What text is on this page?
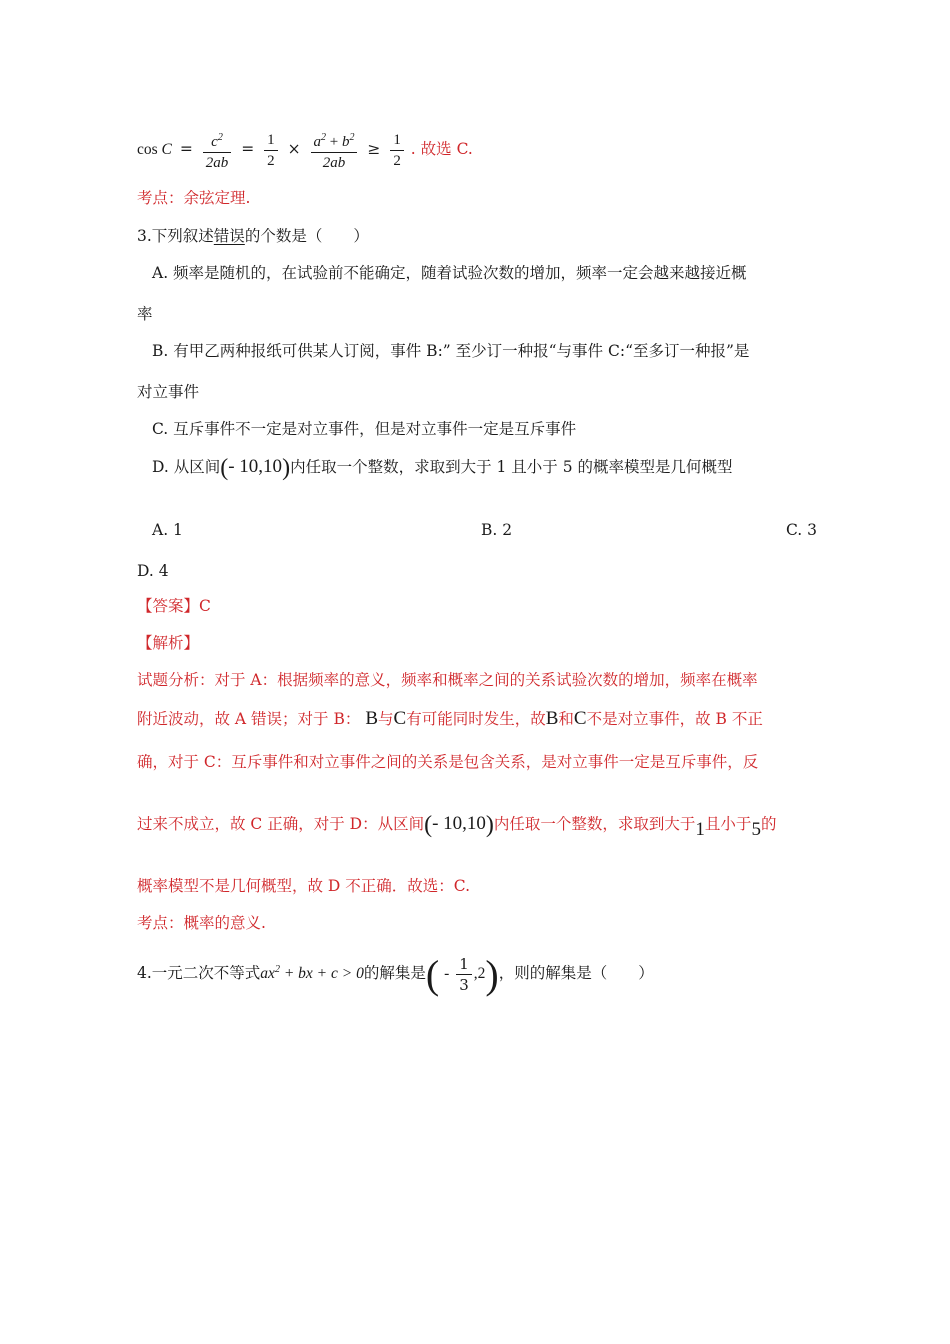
$\cos C = \frac{c^2}{2ab} = \frac{1}{2} \times \frac{a^2 + b^2}{2ab} \ge \frac{1}{2}$ . 故选 C.
考点：余弦定理.
3.下列叙述错误的个数是（　　）
A. 频率是随机的，在试验前不能确定，随着试验次数的增加，频率一定会越来越接近概
率
B. 有甲乙两种报纸可供某人订阅，事件 B:” 至少订一种报“与事件 C:“至多订一种报”是
对立事件
C. 互斥事件不一定是对立事件，但是对立事件一定是互斥事件
D. 从区间(- 10,10)内任取一个整数，求取到大于 1 且小于 5 的概率模型是几何概型
A. 1	B. 2	C. 3
D. 4
【答案】C
【解析】
试题分析：对于 A：根据频率的意义，频率和概率之间的关系试验次数的增加，频率在概率
附近波动，故 A 错误；对于 B： B与C有可能同时发生，故B和C不是对立事件，故 B 不正
确，对于 C：互斥事件和对立事件之间的关系是包含关系，是对立事件一定是互斥事件，反
过来不成立，故 C 正确，对于 D：从区间(- 10,10)内任取一个整数，求取到大于1且小于5的
概率模型不是几何概型，故 D 不正确．故选：C.
考点：概率的意义.
4.一元二次不等式$ax^2$ + bx + c > 0的解集是( - $\frac{1}{3} ,2$)，则的解集是（　　）
